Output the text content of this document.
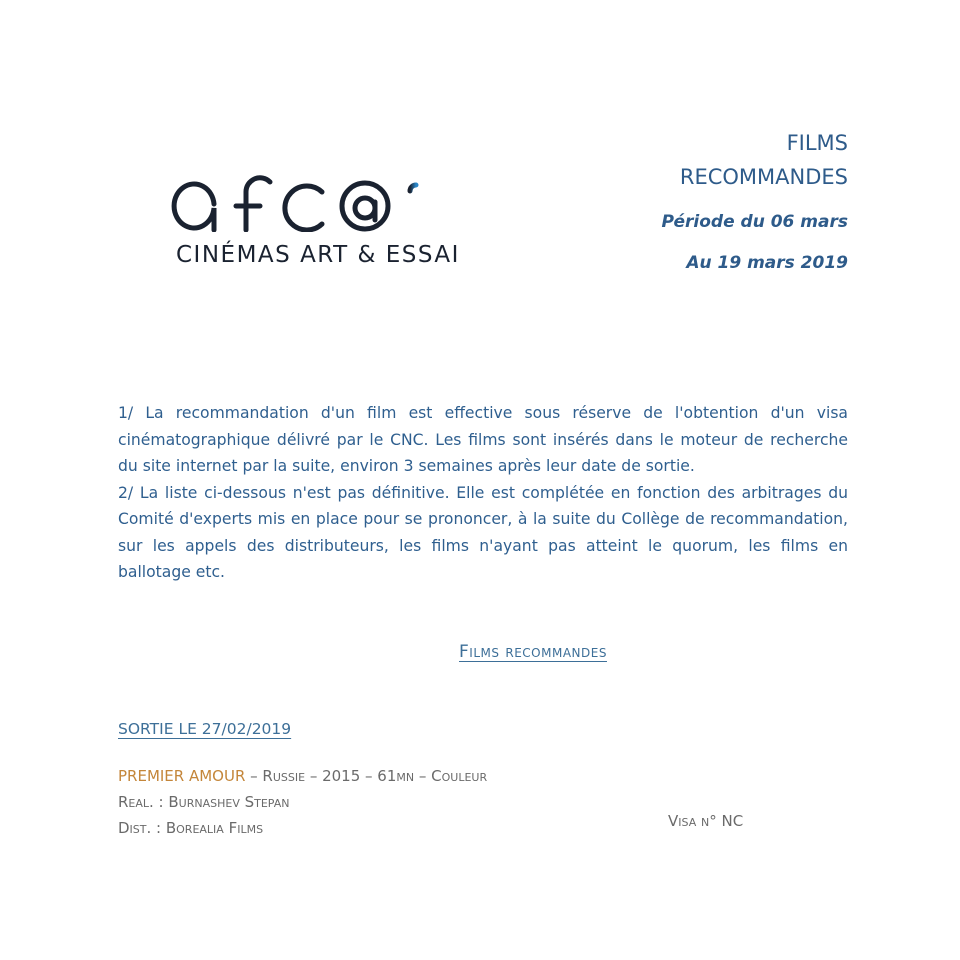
CINÉMAS ART & ESSAI
FILMS
RECOMMANDES
Période du 06 mars
Au 19 mars 2019

1/ La recommandation d'un film est effective sous réserve de l'obtention d'un visa cinématographique délivré par le CNC. Les films sont insérés dans le moteur de recherche du site internet par la suite, environ 3 semaines après leur date de sortie.

2/ La liste ci-dessous n'est pas définitive. Elle est complétée en fonction des arbitrages du Comité d'experts mis en place pour se prononcer, à la suite du Collège de recommandation, sur les appels des distributeurs, les films n'ayant pas atteint le quorum, les films en ballotage etc.

Films recommandes
SORTIE LE 27/02/2019
PREMIER AMOUR – Russie – 2015 – 61mn – Couleur
Real. : Burnashev Stepan
Dist. : Borealia Films	Visa n° NC
